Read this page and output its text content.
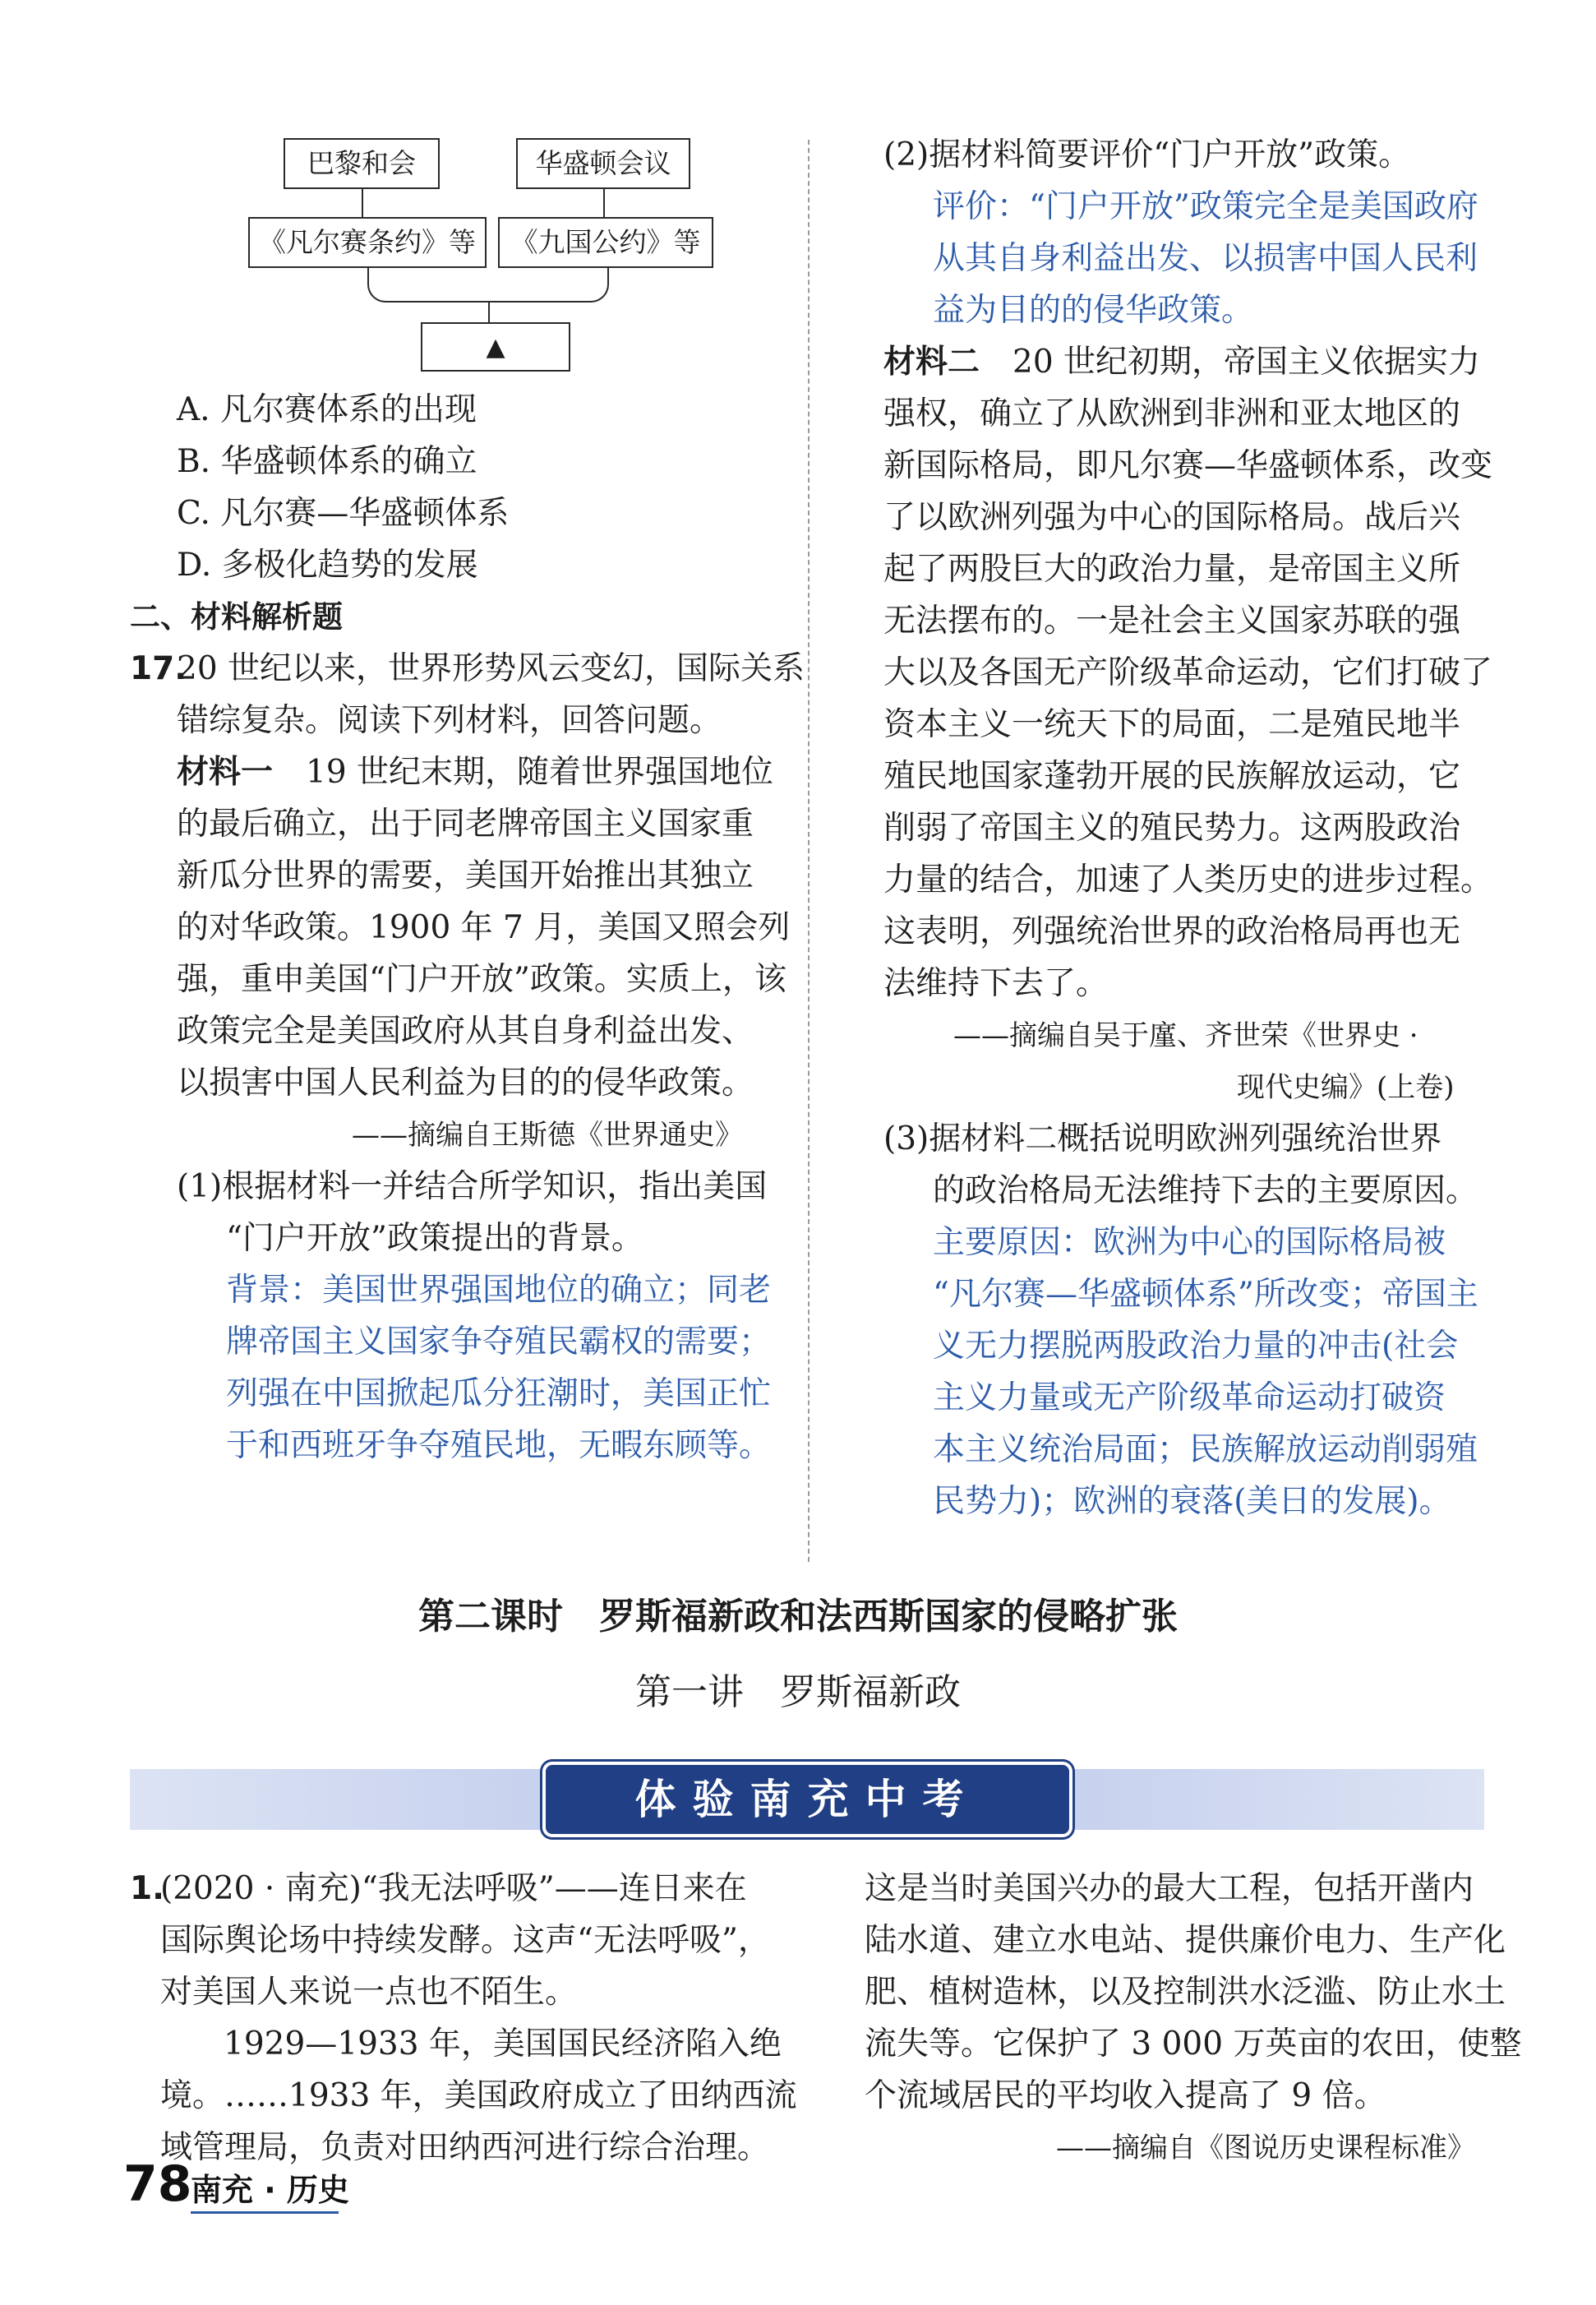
巴黎和会	华盛顿会议
《凡尔赛条约》等	《九国公约》等
▲
A. 凡尔赛体系的出现
B. 华盛顿体系的确立
C. 凡尔赛—华盛顿体系
D. 多极化趋势的发展
二、材料解析题
17.
20 世纪以来，世界形势风云变幻，国际关系
错综复杂。阅读下列材料，回答问题。
材料一 19 世纪末期，随着世界强国地位
的最后确立，出于同老牌帝国主义国家重
新瓜分世界的需要，美国开始推出其独立
的对华政策。1900 年 7 月，美国又照会列
强，重申美国“门户开放”政策。实质上，该
政策完全是美国政府从其自身利益出发、
以损害中国人民利益为目的的侵华政策。
——摘编自王斯德《世界通史》
(1)根据材料一并结合所学知识，指出美国
“门户开放”政策提出的背景。
背景：美国世界强国地位的确立；同老
牌帝国主义国家争夺殖民霸权的需要；
列强在中国掀起瓜分狂潮时，美国正忙
于和西班牙争夺殖民地，无暇东顾等。
(2)据材料简要评价“门户开放”政策。
评价：“门户开放”政策完全是美国政府
从其自身利益出发、以损害中国人民利
益为目的的侵华政策。
材料二 20 世纪初期，帝国主义依据实力
强权，确立了从欧洲到非洲和亚太地区的
新国际格局，即凡尔赛—华盛顿体系，改变
了以欧洲列强为中心的国际格局。战后兴
起了两股巨大的政治力量，是帝国主义所
无法摆布的。一是社会主义国家苏联的强
大以及各国无产阶级革命运动，它们打破了
资本主义一统天下的局面，二是殖民地半
殖民地国家蓬勃开展的民族解放运动，它
削弱了帝国主义的殖民势力。这两股政治
力量的结合，加速了人类历史的进步过程。
这表明，列强统治世界的政治格局再也无
法维持下去了。
——摘编自吴于廑、齐世荣《世界史 ·
现代史编》(上卷)
(3)据材料二概括说明欧洲列强统治世界
的政治格局无法维持下去的主要原因。
主要原因：欧洲为中心的国际格局被
“凡尔赛—华盛顿体系”所改变；帝国主
义无力摆脱两股政治力量的冲击(社会
主义力量或无产阶级革命运动打破资
本主义统治局面；民族解放运动削弱殖
民势力)；欧洲的衰落(美日的发展)。
第二课时　罗斯福新政和法西斯国家的侵略扩张
第一讲　罗斯福新政
体验南充中考
1.
(2020 · 南充)“我无法呼吸”——连日来在
国际舆论场中持续发酵。这声“无法呼吸”，
对美国人来说一点也不陌生。
1929—1933 年，美国国民经济陷入绝
境。……1933 年，美国政府成立了田纳西流
域管理局，负责对田纳西河进行综合治理。
这是当时美国兴办的最大工程，包括开凿内
陆水道、建立水电站、提供廉价电力、生产化
肥、植树造林，以及控制洪水泛滥、防止水土
流失等。它保护了 3 000 万英亩的农田，使整
个流域居民的平均收入提高了 9 倍。
——摘编自《图说历史课程标准》
78
南充 · 历史
